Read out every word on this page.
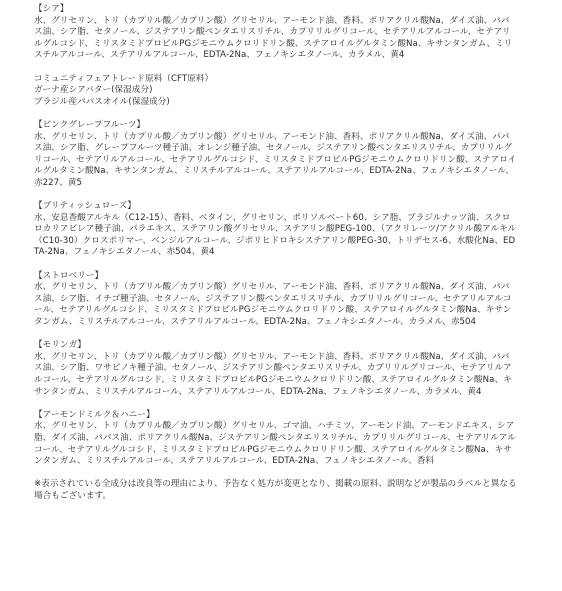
【シア】
水、グリセリン、トリ（カプリル酸／カプリン酸）グリセリル、アーモンド油、香料、ポリアクリル酸Na、ダイズ油、パパス油、シア脂、セタノール、ジステアリン酸ペンタエリスリチル、カプリリルグリコール、セテアリルアルコール、セテアリルグルコシド、ミリスタミドプロピルPGジモニウムクロリドリン酸、ステアロイルグルタミン酸Na、キサンタンガム、ミリスチルアルコール、ステアリルアルコール、EDTA-2Na、フェノキシエタノール、カラメル、黄4
コミュニティフェアトレード原料（CFT原料）
ガーナ産シアバター(保湿成分)
ブラジル産パパスオイル(保湿成分)
【ピンクグレープフルーツ】
水、グリセリン、トリ（カプリル酸／カプリン酸）グリセリル、アーモンド油、香料、ポリアクリル酸Na、ダイズ油、パパス油、シア脂、グレープフルーツ種子油、オレンジ種子油、セタノール、ジステアリン酸ペンタエリスリチル、カプリリルグリコール、セテアリルアルコール、セテアリルグルコシド、ミリスタミドプロピルPGジモニウムクロリドリン酸、ステアロイルグルタミン酸Na、キサンタンガム、ミリスチルアルコール、ステアリルアルコール、EDTA-2Na、フェノキシエタノール、赤227、黄5
【ブリティッシュローズ】
水、安息香酸アルキル（C12-15）、香料、ベタイン、グリセリン、ポリソルベート60、シア脂、ブラジルナッツ油、スクロロカリアビレア種子油、パラエキス、ステアリン酸グリセリル、ステアリン酸PEG-100、（アクリレーツ/アクリル酸アルキル（C10-30）クロスポリマー、ベンジルアルコール、ジポリヒドロキシステアリン酸PEG-30、トリデセス-6、水酸化Na、EDTA-2Na、フェノキシエタノール、赤504、黄4
【ストロベリー】
水、グリセリン、トリ（カプリル酸／カプリン酸）グリセリル、アーモンド油、香料、ポリアクリル酸Na、ダイズ油、パパス油、シア脂、イチゴ種子油、セタノール、ジステアリン酸ペンタエリスリチル、カプリリルグリコール、セテアリルアルコール、セテアリルグルコシド、ミリスタミドプロピルPGジモニウムクロリドリン酸、ステアロイルグルタミン酸Na、キサンタンガム、ミリスチルアルコール、ステアリルアルコール、EDTA-2Na、フェノキシエタノール、カラメル、赤504
【モリンガ】
水、グリセリン、トリ（カプリル酸／カプリン酸）グリセリル、アーモンド油、香料、ポリアクリル酸Na、ダイズ油、パパス油、シア脂、ワサビノキ種子油、セタノール、ジステアリン酸ペンタエリスリチル、カプリリルグリコール、セテアリルアルコール、セテアリルグルコシド、ミリスタミドプロピルPGジモニウムクロリドリン酸、ステアロイルグルタミン酸Na、キサンタンガム、ミリスチルアルコール、ステアリルアルコール、EDTA-2Na、フェノキシエタノール、カラメル、黄4
【アーモンドミルク＆ハニー】
水、グリセリン、トリ（カプリル酸／カプリン酸）グリセリル、ゴマ油、ハチミツ、アーモンド油、アーモンドエキス、シア脂、ダイズ油、パパス油、ポリアクリル酸Na、ジステアリン酸ペンタエリスリチル、カプリリルグリコール、セテアリルアルコール、セテアリルグルコシド、ミリスタミドプロピルPGジモニウムクロリドリン酸、ステアロイルグルタミン酸Na、キサンタンガム、ミリスチルアルコール、ステアリルアルコール、EDTA-2Na、フェノキシエタノール、香料
※表示されている全成分は改良等の理由により、予告なく処方が変更となり、掲載の原料、説明などが製品のラベルと異なる場合もございます。
